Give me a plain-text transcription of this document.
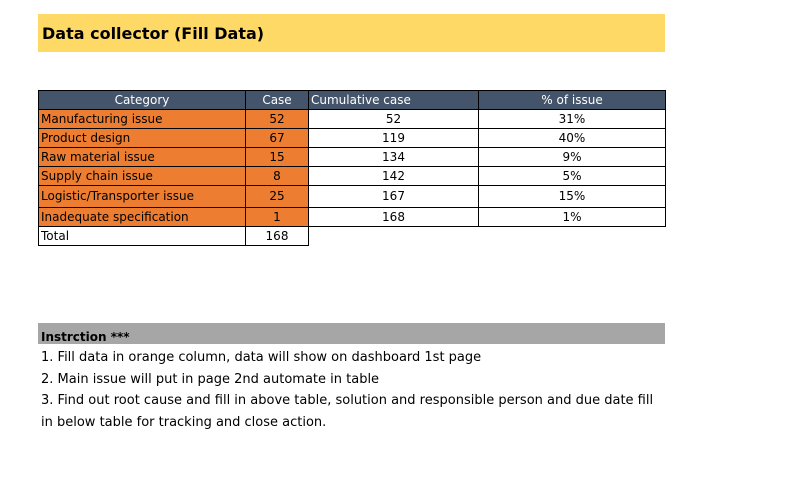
Data collector (Fill Data)
Category	Case	Cumulative case	% of issue
Manufacturing issue	52	52	31%
Product design	67	119	40%
Raw material issue	15	134	9%
Supply chain issue	8	142	5%
Logistic/Transporter issue	25	167	15%
Inadequate specification	1	168	1%
Total	168		
Instrction ***
1. Fill data in orange column, data will show on dashboard 1st page
2. Main issue will put in page 2nd automate in table
3. Find out root cause and fill in above table, solution and responsible person and due date fill
in below table for tracking and close action.
